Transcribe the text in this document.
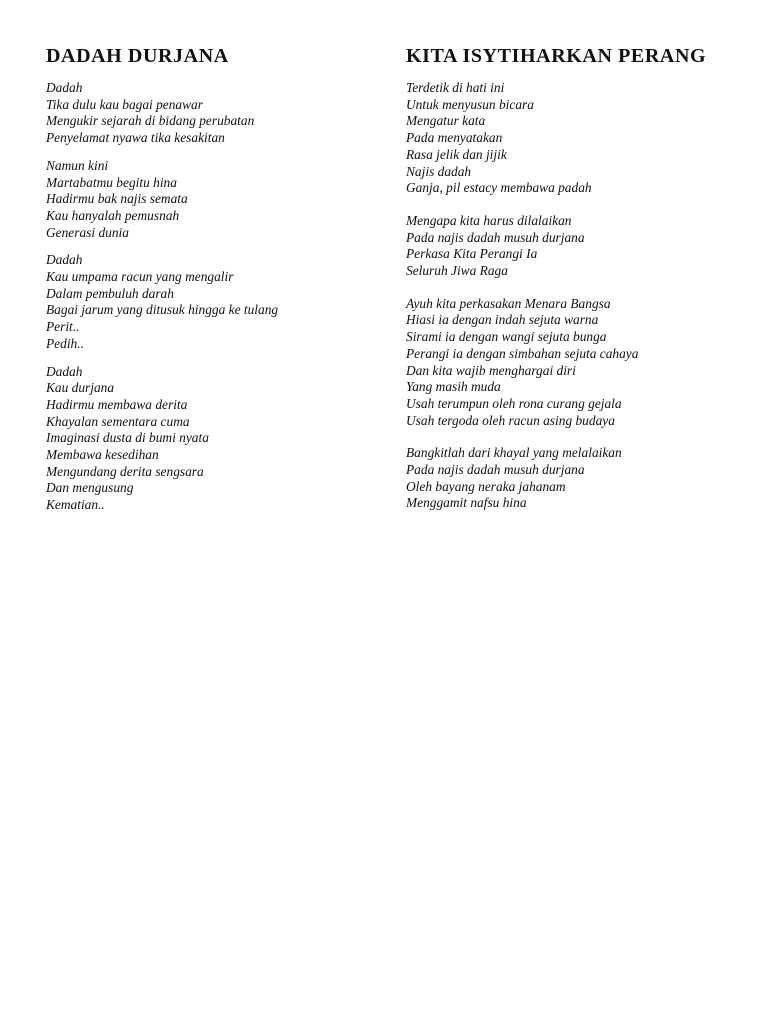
DADAH DURJANA
Dadah
Tika dulu kau bagai penawar
Mengukir sejarah di bidang perubatan
Penyelamat nyawa tika kesakitan
Namun kini
Martabatmu begitu hina
Hadirmu bak najis semata
Kau hanyalah pemusnah
Generasi dunia
Dadah
Kau umpama racun yang mengalir
Dalam pembuluh darah
Bagai jarum yang ditusuk hingga ke tulang
Perit..
Pedih..
Dadah
Kau durjana
Hadirmu membawa derita
Khayalan sementara cuma
Imaginasi dusta di bumi nyata
Membawa kesedihan
Mengundang derita sengsara
Dan mengusung
Kematian..
KITA ISYTIHARKAN PERANG
Terdetik di hati ini
Untuk menyusun bicara
Mengatur kata
Pada menyatakan
Rasa jelik dan jijik
Najis dadah
Ganja, pil estacy membawa padah
Mengapa kita harus dilalaikan
Pada najis dadah musuh durjana
Perkasa Kita Perangi Ia
Seluruh Jiwa Raga
Ayuh kita perkasakan Menara Bangsa
Hiasi ia dengan indah sejuta warna
Sirami ia dengan wangi sejuta bunga
Perangi ia dengan simbahan sejuta cahaya
Dan kita wajib menghargai diri
Yang masih muda
Usah terumpun oleh rona curang gejala
Usah tergoda oleh racun asing budaya
Bangkitlah dari khayal yang melalaikan
Pada najis dadah musuh durjana
Oleh bayang neraka jahanam
Menggamit nafsu hina
